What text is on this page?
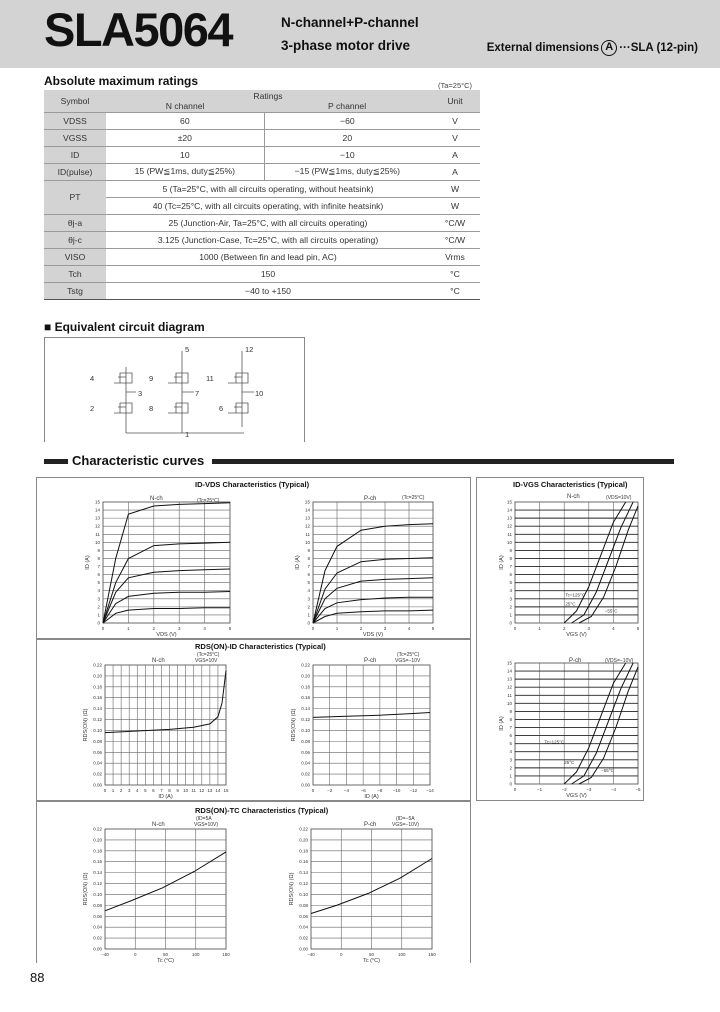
SLA5064	N-channel+P-channel
3-phase motor drive	External dimensions A ···SLA (12-pin)
Absolute maximum ratings	(Ta=25°C)
Symbol	Ratings		Unit
	N channel	P channel	
VDSS	60	−60	V
VGSS	±20	20	V
ID	10	−10	A
ID(pulse)	15 (PW≦1ms, duty≦25%)	−15 (PW≦1ms, duty≦25%)	A
PT	5 (Ta=25°C, with all circuits operating, without heatsink)		W
	40 (Tc=25°C, with all circuits operating, with infinite heatsink)		W
θj-a	25 (Junction-Air, Ta=25°C, with all circuits operating)		°C/W
θj-c	3.125 (Junction-Case, Tc=25°C, with all circuits operating)		°C/W
VISO	1000 (Between fin and lead pin, AC)		Vrms
Tch	150		°C
Tstg	−40 to +150		°C
■ Equivalent circuit diagram
5	12
4	9	11
3
2	8
7	10
6
1
Characteristic curves
ID-VDS Characteristics (Typical)
RDS(ON)-ID Characteristics (Typical)
RDS(ON)-TC Characteristics (Typical)
ID-VGS Characteristics (Typical)
0	1	2	3	4	5
0
1
2
3
4
5
6
7
8
9
10
11
12
13
14
15
VDS (V)
ID (A)
N-ch	(Tc=25°C)
0	1	2	3	4	5
0
1
2
3
4
5
6
7
8
9
10
11
12
13
14
15
VDS (V)
ID (A)
P-ch	(Tc=25°C)
0	1	2	3	4	5
0
1
2
3
4
5
6
7
8
9
10
11
12
13
14
15
VGS (V)
ID (A)
N-ch	(VDS=10V)
Tc=125°C
25°C
−55°C
0	−1	−2	−3	−4	−5
0
1
2
3
4
5
6
7
8
9
10
11
12
13
14
15
VGS (V)
ID (A)
P-ch	(VDS=−10V)
Tc=125°C
25°C
−55°C
0 1 2 3 4 5 6 7 8 9 10 11 12 13 14 15
0.00
0.02
0.04
0.06
0.08
0.10
0.12
0.14
0.16
0.18
0.20
0.22
ID (A)
RDS(ON) (Ω)
N-ch
(Tc=25°C)
VGS=10V
0	−2	−4	−6	−8 −10 −12 −14
0.00
0.02
0.04
0.06
0.08
0.10
0.12
0.14
0.16
0.18
0.20
0.22
ID (A)
RDS(ON) (Ω)
P-ch
(Tc=25°C)
VGS=−10V
−40	0	50	100	150
0.00
0.02
0.04
0.06
0.08
0.10
0.12
0.14
0.16
0.18
0.20
0.22
Tc (°C)
RDS(ON) (Ω)
N-ch
(ID=5A
VGS=10V)
−40	0	50	100	150
0.00
0.02
0.04
0.06
0.08
0.10
0.12
0.14
0.16
0.18
0.20
0.22
Tc (°C)
RDS(ON) (Ω)
P-ch
(ID=−5A
VGS=−10V)
88
